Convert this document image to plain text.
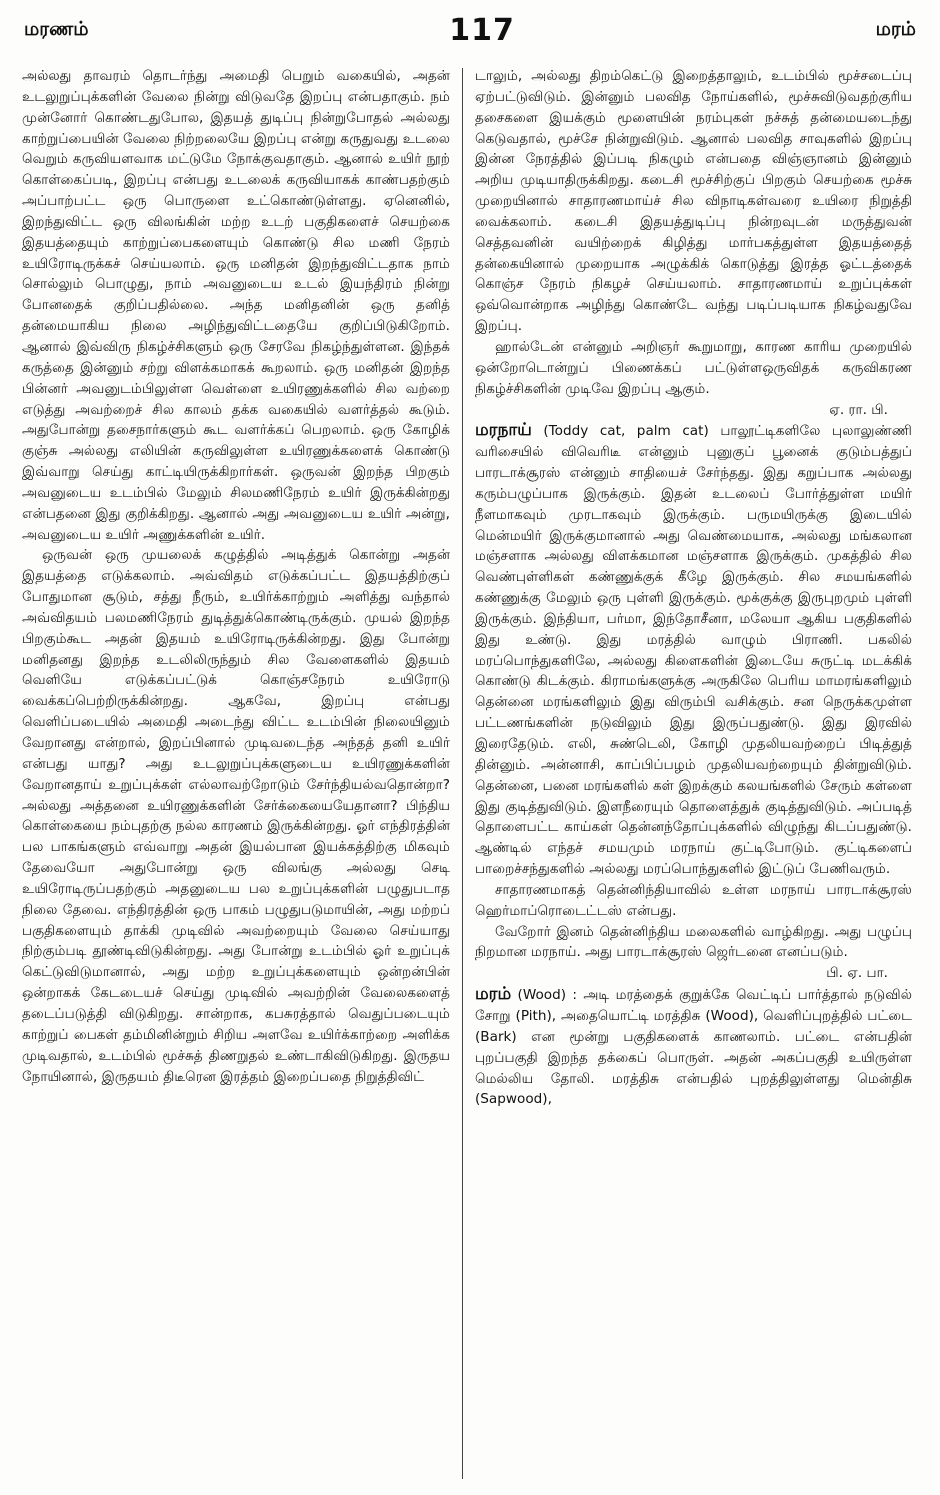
மரணம்	117	மரம்

அல்லது தாவரம் தொடர்ந்து அமைதி பெறும் வகையில், அதன் உடலுறுப்புக்களின் வேலை நின்று விடுவதே இறப்பு என்பதாகும். நம் முன்னோர் கொண்டதுபோல, இதயத் துடிப்பு நின்றுபோதல் அல்லது காற்றுப்பையின் வேலை நிற்றலையே இறப்பு என்று கருதுவது உடலை வெறும் கருவியளவாக மட்டுமே நோக்குவதாகும். ஆனால் உயிர் நூற் கொள்கைப்படி, இறப்பு என்பது உடலைக் கருவியாகக் காண்பதற்கும் அப்பாற்பட்ட ஒரு பொருளை உட்கொண்டுள்ளது. ஏனெனில், இறந்துவிட்ட ஒரு விலங்கின் மற்ற உடற் பகுதிகளைச் செயற்கை இதயத்தையும் காற்றுப்பைகளையும் கொண்டு சில மணி நேரம் உயிரோடிருக்கச் செய்யலாம். ஒரு மனிதன் இறந்துவிட்டதாக நாம் சொல்லும் பொழுது, நாம் அவனுடைய உடல் இயந்திரம் நின்று போனதைக் குறிப்பதில்லை. அந்த மனிதனின் ஒரு தனித் தன்மையாகிய நிலை அழிந்துவிட்டதையே குறிப்பிடுகிறோம். ஆனால் இவ்விரு நிகழ்ச்சிகளும் ஒரு சேரவே நிகழ்ந்துள்ளன. இந்தக் கருத்தை இன்னும் சற்று விளக்கமாகக் கூறலாம். ஒரு மனிதன் இறந்த பின்னர் அவனுடம்பிலுள்ள வெள்ளை உயிரணுக்களில் சில வற்றை எடுத்து அவற்றைச் சில காலம் தக்க வகையில் வளர்த்தல் கூடும். அதுபோன்று தசைநார்களும் கூட வளர்க்கப் பெறலாம். ஒரு கோழிக் குஞ்சு அல்லது எலியின் கருவிலுள்ள உயிரணுக்களைக் கொண்டு இவ்வாறு செய்து காட்டியிருக்கிறார்கள். ஒருவன் இறந்த பிறகும் அவனுடைய உடம்பில் மேலும் சிலமணிநேரம் உயிர் இருக்கின்றது என்பதனை இது குறிக்கிறது. ஆனால் அது அவனுடைய உயிர் அன்று, அவனுடைய உயிர் அணுக்களின் உயிர்.

ஒருவன் ஒரு முயலைக் கழுத்தில் அடித்துக் கொன்று அதன் இதயத்தை எடுக்கலாம். அவ்விதம் எடுக்கப்பட்ட இதயத்திற்குப் போதுமான சூடும், சத்து நீரும், உயிர்க்காற்றும் அளித்து வந்தால் அவ்விதயம் பலமணிநேரம் துடித்துக்கொண்டிருக்கும். முயல் இறந்த பிறகும்கூட அதன் இதயம் உயிரோடிருக்கின்றது. இது போன்று மனிதனது இறந்த உடலிலிருந்தும் சில வேளைகளில் இதயம் வெளியே எடுக்கப்பட்டுக் கொஞ்சநேரம் உயிரோடு வைக்கப்பெற்றிருக்கின்றது. ஆகவே, இறப்பு என்பது வெளிப்படையில் அமைதி அடைந்து விட்ட உடம்பின் நிலையினும் வேறானது என்றால், இறப்பினால் முடிவடைந்த அந்தத் தனி உயிர் என்பது யாது? அது உடலுறுப்புக்களுடைய உயிரணுக்களின் வேறானதாய் உறுப்புக்கள் எல்லாவற்றோடும் சேர்ந்தியல்வதொன்றா? அல்லது அத்தனை உயிரணுக்களின் சேர்க்கையையேதானா? பிந்திய கொள்கையை நம்புதற்கு நல்ல காரணம் இருக்கின்றது. ஓர் எந்திரத்தின் பல பாகங்களும் எவ்வாறு அதன் இயல்பான இயக்கத்திற்கு மிகவும் தேவையோ அதுபோன்று ஒரு விலங்கு அல்லது செடி உயிரோடிருப்பதற்கும் அதனுடைய பல உறுப்புக்களின் பழுதுபடாத நிலை தேவை. எந்திரத்தின் ஒரு பாகம் பழுதுபடுமாயின், அது மற்றப் பகுதிகளையும் தாக்கி முடிவில் அவற்றையும் வேலை செய்யாது நிற்கும்படி தூண்டிவிடுகின்றது. அது போன்று உடம்பில் ஓர் உறுப்புக் கெட்டுவிடுமானால், அது மற்ற உறுப்புக்களையும் ஒன்றன்பின் ஒன்றாகக் கேடடையச் செய்து முடிவில் அவற்றின் வேலைகளைத் தடைப்படுத்தி விடுகிறது. சான்றாக, கபசுரத்தால் வெதுப்படையும் காற்றுப் பைகள் தம்மினின்றும் சிறிய அளவே உயிர்க்காற்றை அளிக்க முடிவதால், உடம்பில் மூச்சுத் திணறுதல் உண்டாகிவிடுகிறது. இருதய நோயினால், இருதயம் திடீரென இரத்தம் இறைப்பதை நிறுத்திவிட்

டாலும், அல்லது திறம்கெட்டு இறைத்தாலும், உடம்பில் மூச்சடைப்பு ஏற்பட்டுவிடும். இன்னும் பலவித நோய்களில், மூச்சுவிடுவதற்குரிய தசைகளை இயக்கும் மூளையின் நரம்புகள் நச்சுத் தன்மையடைந்து கெடுவதால், மூச்சே நின்றுவிடும். ஆனால் பலவித சாவுகளில் இறப்பு இன்ன நேரத்தில் இப்படி நிகழும் என்பதை விஞ்ஞானம் இன்னும் அறிய முடியாதிருக்கிறது. கடைசி மூச்சிற்குப் பிறகும் செயற்கை மூச்சு முறையினால் சாதாரணமாய்ச் சில விநாடிகள்வரை உயிரை நிறுத்தி வைக்கலாம். கடைசி இதயத்துடிப்பு நின்றவுடன் மருத்துவன் செத்தவனின் வயிற்றைக் கிழித்து மார்பகத்துள்ள இதயத்தைத் தன்கையினால் முறையாக அழுக்கிக் கொடுத்து இரத்த ஓட்டத்தைக் கொஞ்ச நேரம் நிகழச் செய்யலாம். சாதாரணமாய் உறுப்புக்கள் ஒவ்வொன்றாக அழிந்து கொண்டே வந்து படிப்படியாக நிகழ்வதுவே இறப்பு.

ஹால்டேன் என்னும் அறிஞர் கூறுமாறு, காரண காரிய முறையில் ஒன்றோடொன்றுப் பிணைக்கப் பட்டுள்ளஒருவிதக் கருவிகரண நிகழ்ச்சிகளின் முடிவே இறப்பு ஆகும்.

ஏ. ரா. பி.

மரநாய் (Toddy cat, palm cat) பாலூட்டிகளிலே புலாலுண்ணி வரிசையில் விவெரிடீ என்னும் புனுகுப் பூனைக் குடும்பத்துப் பாரடாக்சூரஸ் என்னும் சாதியைச் சேர்ந்தது. இது கறுப்பாக அல்லது கரும்பழுப்பாக இருக்கும். இதன் உடலைப் போர்த்துள்ள மயிர் நீளமாகவும் முரடாகவும் இருக்கும். பருமயிருக்கு இடையில் மென்மயிர் இருக்குமானால் அது வெண்மையாக, அல்லது மங்கலான மஞ்சளாக அல்லது விளக்கமான மஞ்சளாக இருக்கும். முகத்தில் சில வெண்புள்ளிகள் கண்ணுக்குக் கீழே இருக்கும். சில சமயங்களில் கண்ணுக்கு மேலும் ஒரு புள்ளி இருக்கும். மூக்குக்கு இருபுறமும் புள்ளி இருக்கும். இந்தியா, பர்மா, இந்தோசீனா, மலேயா ஆகிய பகுதிகளில் இது உண்டு. இது மரத்தில் வாழும் பிராணி. பகலில் மரப்பொந்துகளிலே, அல்லது கிளைகளின் இடையே சுருட்டி மடக்கிக் கொண்டு கிடக்கும். கிராமங்களுக்கு அருகிலே பெரிய மாமரங்களிலும் தென்னை மரங்களிலும் இது விரும்பி வசிக்கும். சன நெருக்கமுள்ள பட்டணங்களின் நடுவிலும் இது இருப்பதுண்டு. இது இரவில் இரைதேடும். எலி, சுண்டெலி, கோழி முதலியவற்றைப் பிடித்துத் தின்னும். அன்னாசி, காப்பிப்பழம் முதலியவற்றையும் தின்றுவிடும். தென்னை, பனை மரங்களில் கள் இறக்கும் கலயங்களில் சேரும் கள்ளை இது குடித்துவிடும். இளநீரையும் தொளைத்துக் குடித்துவிடும். அப்படித் தொளைபட்ட காய்கள் தென்னந்தோப்புக்களில் விழுந்து கிடப்பதுண்டு. ஆண்டில் எந்தச் சமயமும் மரநாய் குட்டிபோடும். குட்டிகளைப் பாறைச்சந்துகளில் அல்லது மரப்பொந்துகளில் இட்டுப் பேணிவரும்.

சாதாரணமாகத் தென்னிந்தியாவில் உள்ள மரநாய் பாரடாக்சூரஸ் ஹெர்மாப்ரொடைட்டஸ் என்பது.

வேறோர் இனம் தென்னிந்திய மலைகளில் வாழ்கிறது. அது பழுப்பு நிறமான மரநாய். அது பாரடாக்சூரஸ் ஜெர்டனை எனப்படும்.

பி. ஏ. பா.

மரம் (Wood) : அடி மரத்தைக் குறுக்கே வெட்டிப் பார்த்தால் நடுவில் சோறு (Pith), அதையொட்டி மரத்திசு (Wood), வெளிப்புறத்தில் பட்டை (Bark) என மூன்று பகுதிகளைக் காணலாம். பட்டை என்பதின் புறப்பகுதி இறந்த தக்கைப் பொருள். அதன் அகப்பகுதி உயிருள்ள மெல்லிய தோலி. மரத்திசு என்பதில் புறத்திலுள்ளது மென்திசு (Sapwood),
